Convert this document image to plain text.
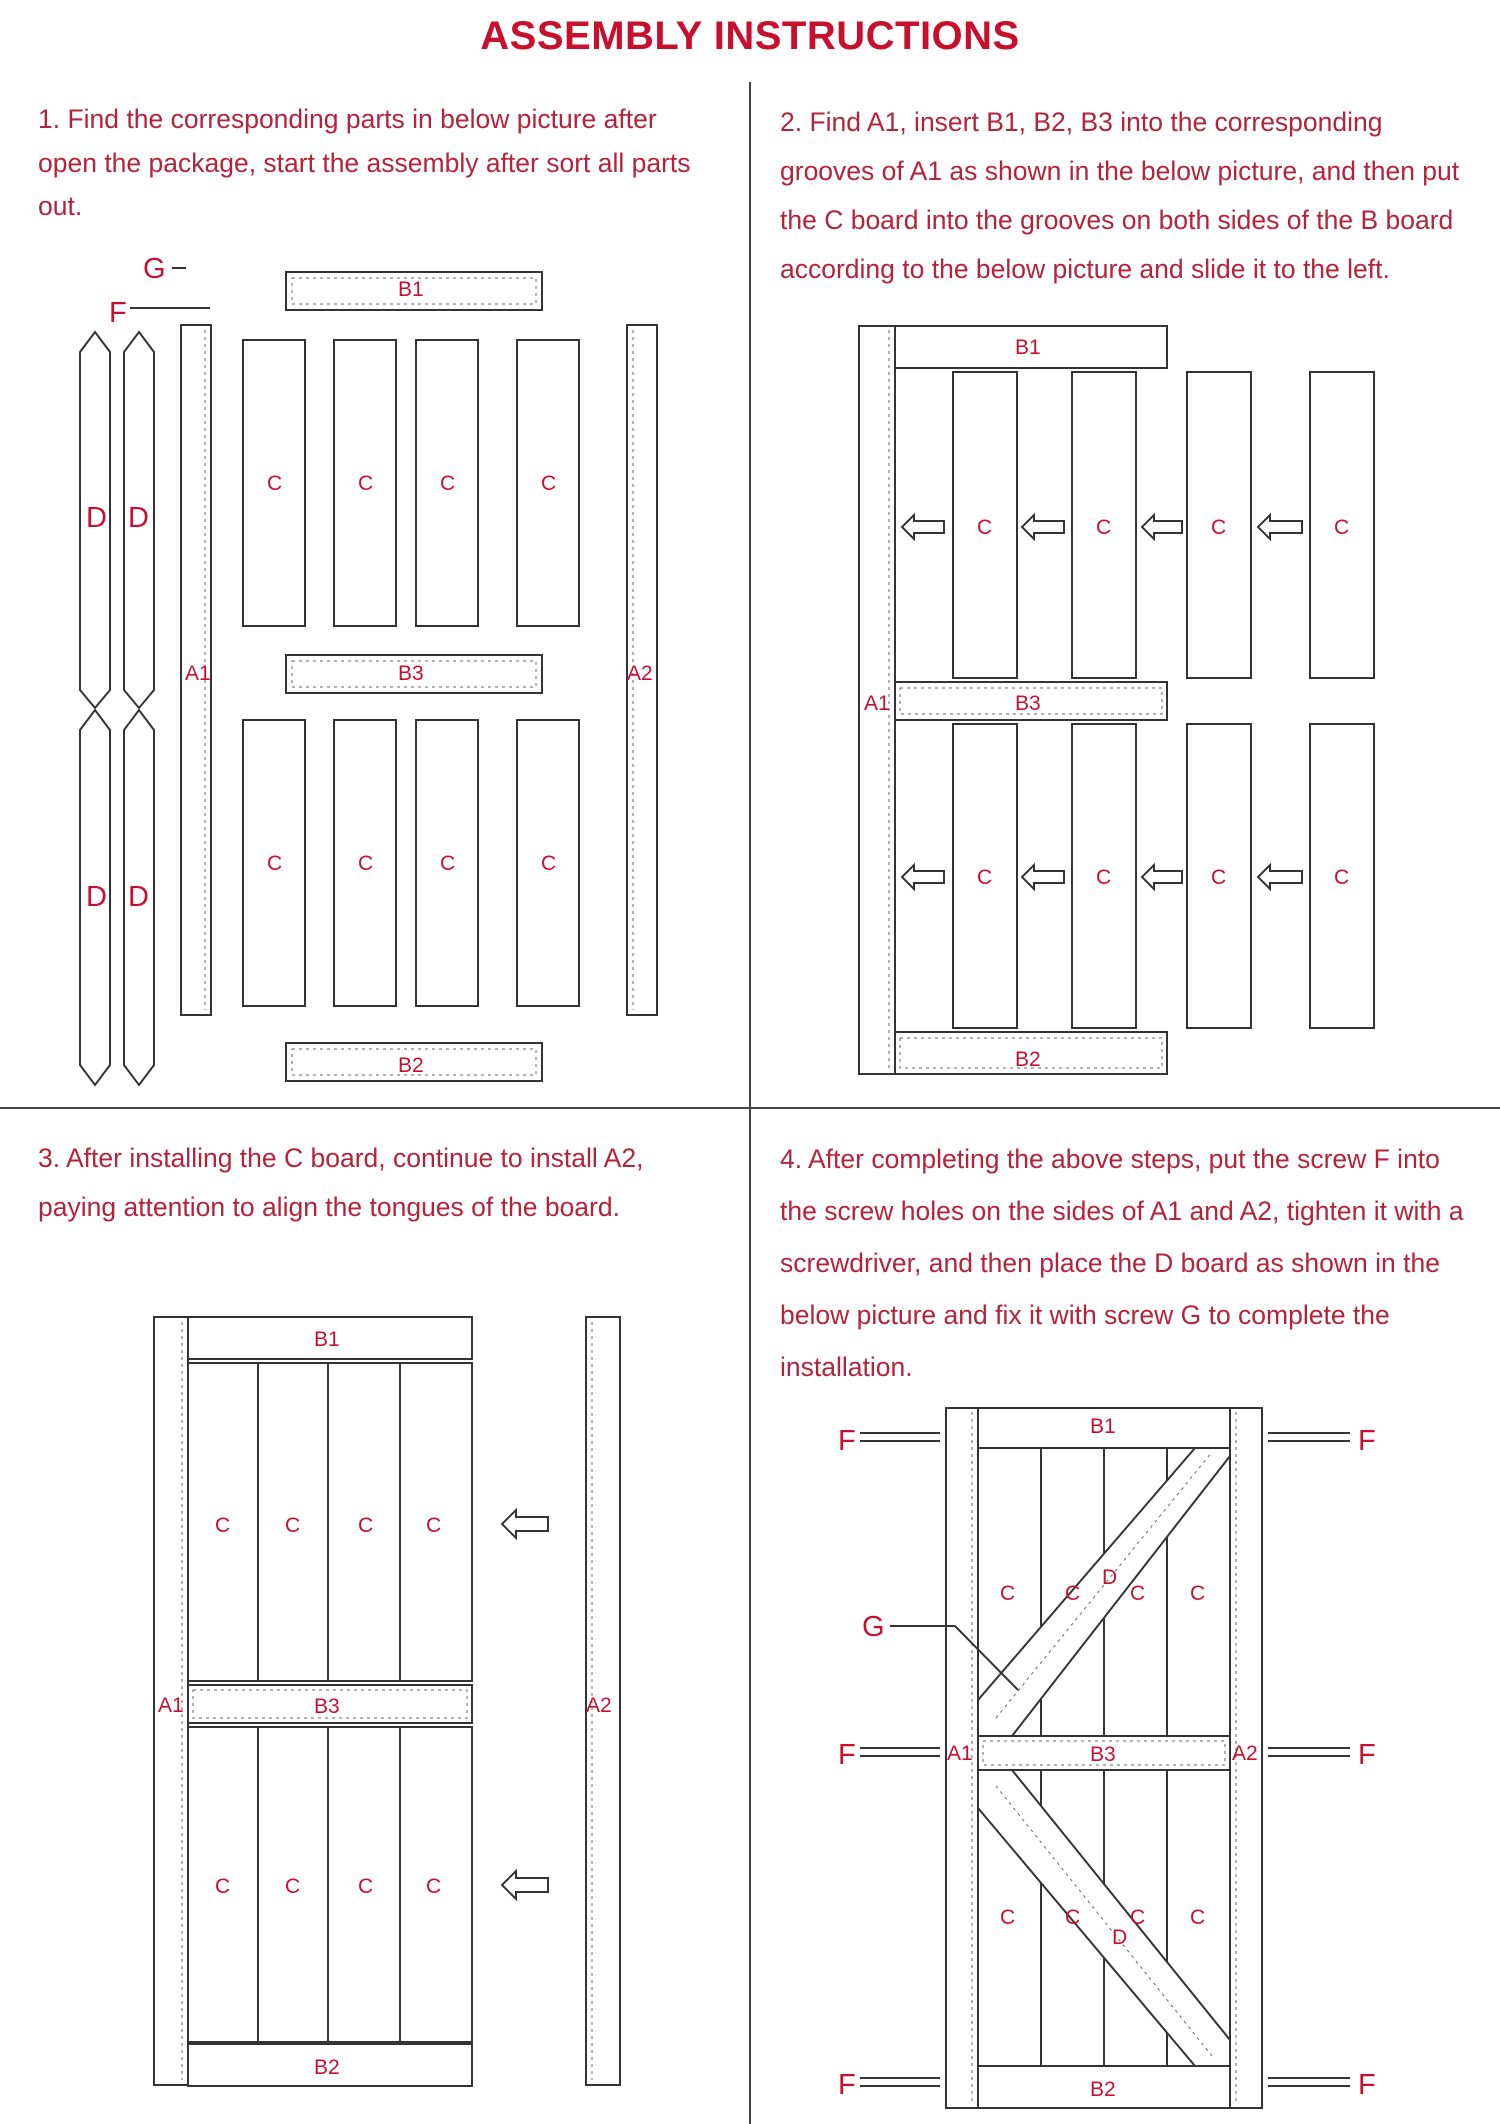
ASSEMBLY INSTRUCTIONS

1. Find the corresponding parts in below picture after open the package, start the assembly after sort all parts out.

2. Find A1, insert B1, B2, B3 into the corresponding grooves of A1 as shown in the below picture, and then put the C board into the grooves on both sides of the B board according to the below picture and slide it to the left.

3. After installing the C board, continue to install A2, paying attention to align the tongues of the board.

4. After completing the above steps, put the screw F into the screw holes on the sides of A1 and A2, tighten it with a screwdriver, and then place the D board as shown in the below picture and fix it with screw G to complete the installation.

G
F
D D
D D
A1	A2
B1
B3
B2
C	C	C	C
C	C	C	C
A1
B1
B3
B2
C	C	C	C
C	C	C	C
A1
B1
B3
B2
C	C	C	C
C	C	C	C
A2
A1	A2
B1
B3
B2
C C
D
C C
C C C
D
C
F	F
F	F
F	F
G
